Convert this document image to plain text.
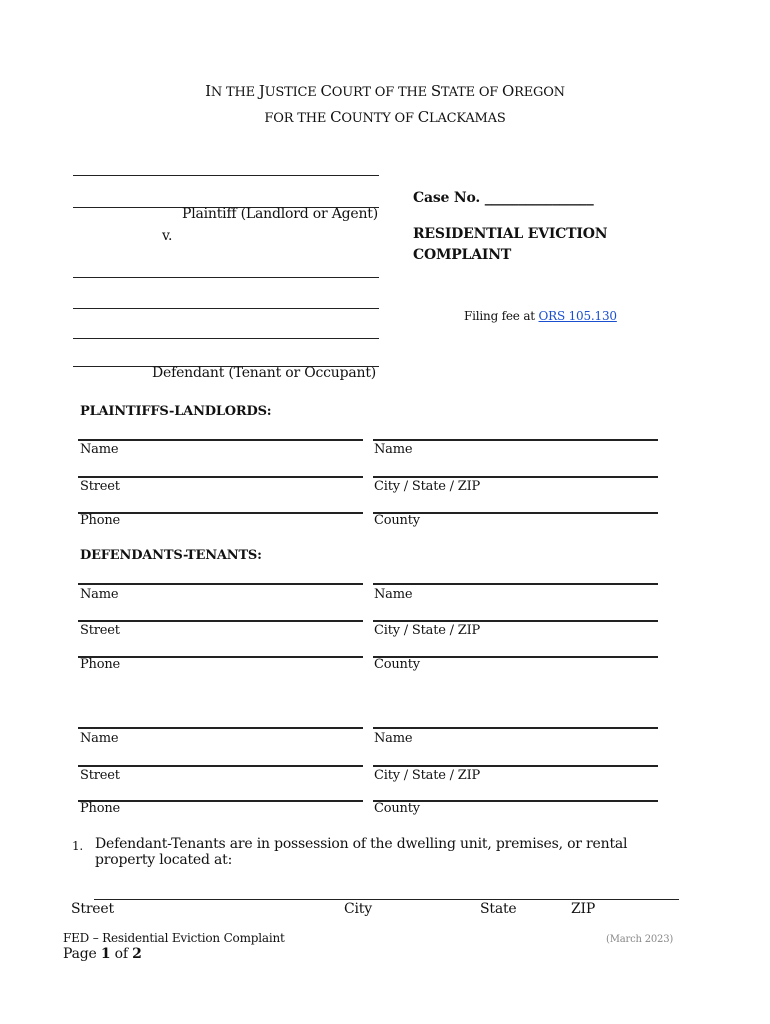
IN THE JUSTICE COURT OF THE STATE OF OREGON
FOR THE COUNTY OF CLACKAMAS
Plaintiff (Landlord or Agent)
v.
Defendant (Tenant or Occupant)
Case No. ________________
RESIDENTIAL EVICTION
COMPLAINT
Filing fee at ORS 105.130
PLAINTIFFS-LANDLORDS:
Name	Name
Street	City / State / ZIP
Phone	County
DEFENDANTS-TENANTS:
Name	Name
Street	City / State / ZIP
Phone	County
Name	Name
Street	City / State / ZIP
Phone	County
1. Defendant-Tenants are in possession of the dwelling unit, premises, or rental
property located at:
Street	City	State	ZIP
FED – Residential Eviction Complaint
Page 1 of 2
(March 2023)
